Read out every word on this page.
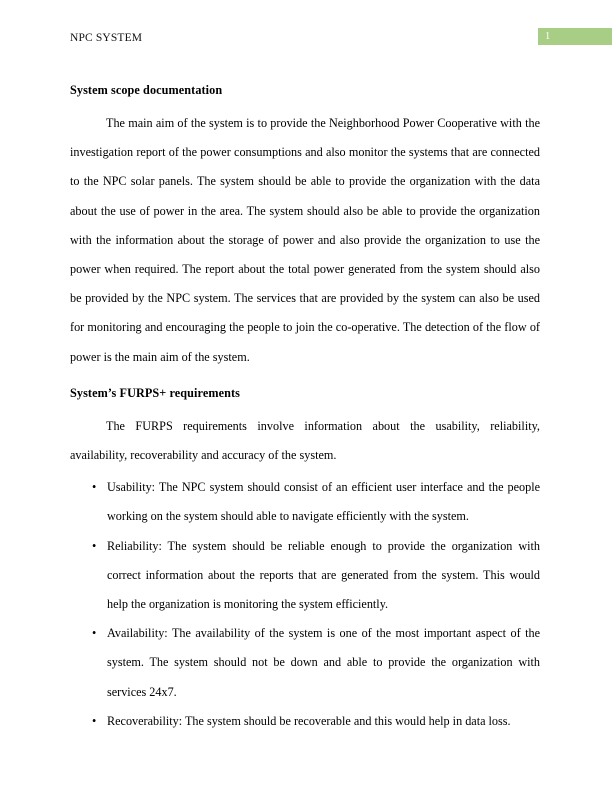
NPC SYSTEM	1
System scope documentation

The main aim of the system is to provide the Neighborhood Power Cooperative with the investigation report of the power consumptions and also monitor the systems that are connected to the NPC solar panels. The system should be able to provide the organization with the data about the use of power in the area. The system should also be able to provide the organization with the information about the storage of power and also provide the organization to use the power when required. The report about the total power generated from the system should also be provided by the NPC system. The services that are provided by the system can also be used for monitoring and encouraging the people to join the co-operative. The detection of the flow of power is the main aim of the system.

System’s FURPS+ requirements

The FURPS requirements involve information about the usability, reliability, availability, recoverability and accuracy of the system.

• Usability: The NPC system should consist of an efficient user interface and the people working on the system should able to navigate efficiently with the system.
• Reliability: The system should be reliable enough to provide the organization with correct information about the reports that are generated from the system. This would help the organization is monitoring the system efficiently.
• Availability: The availability of the system is one of the most important aspect of the system. The system should not be down and able to provide the organization with services 24x7.
• Recoverability: The system should be recoverable and this would help in data loss.
